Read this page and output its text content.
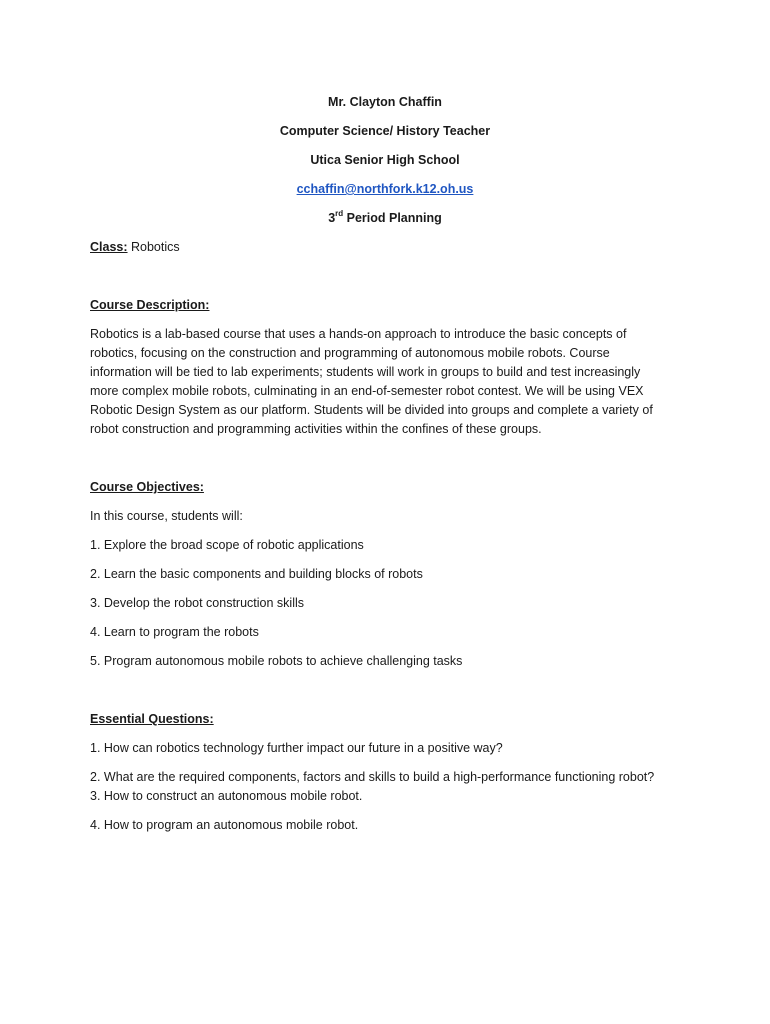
Mr. Clayton Chaffin
Computer Science/ History Teacher
Utica Senior High School
cchaffin@northfork.k12.oh.us
3rd Period Planning
Class: Robotics
Course Description:
Robotics is a lab-based course that uses a hands-on approach to introduce the basic concepts of
robotics, focusing on the construction and programming of autonomous mobile robots. Course
information will be tied to lab experiments; students will work in groups to build and test increasingly
more complex mobile robots, culminating in an end-of-semester robot contest. We will be using VEX
Robotic Design System as our platform. Students will be divided into groups and complete a variety of
robot construction and programming activities within the confines of these groups.
Course Objectives:
In this course, students will:
1. Explore the broad scope of robotic applications
2. Learn the basic components and building blocks of robots
3. Develop the robot construction skills
4. Learn to program the robots
5. Program autonomous mobile robots to achieve challenging tasks
Essential Questions:
1. How can robotics technology further impact our future in a positive way?
2. What are the required components, factors and skills to build a high-performance functioning robot?
3. How to construct an autonomous mobile robot.
4. How to program an autonomous mobile robot.
